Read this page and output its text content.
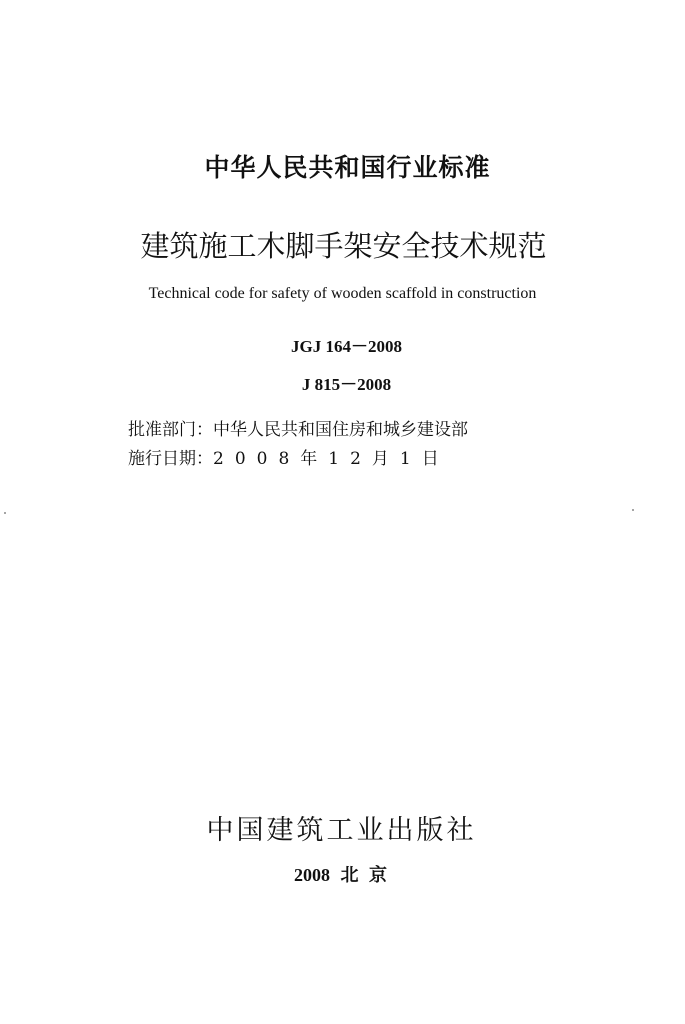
中华人民共和国行业标准
建筑施工木脚手架安全技术规范
Technical code for safety of wooden scaffold in construction
JGJ 164－2008
J 815－2008
批准部门：中华人民共和国住房和城乡建设部
施行日期：2008年12月1日
中国建筑工业出版社
2008 北 京
